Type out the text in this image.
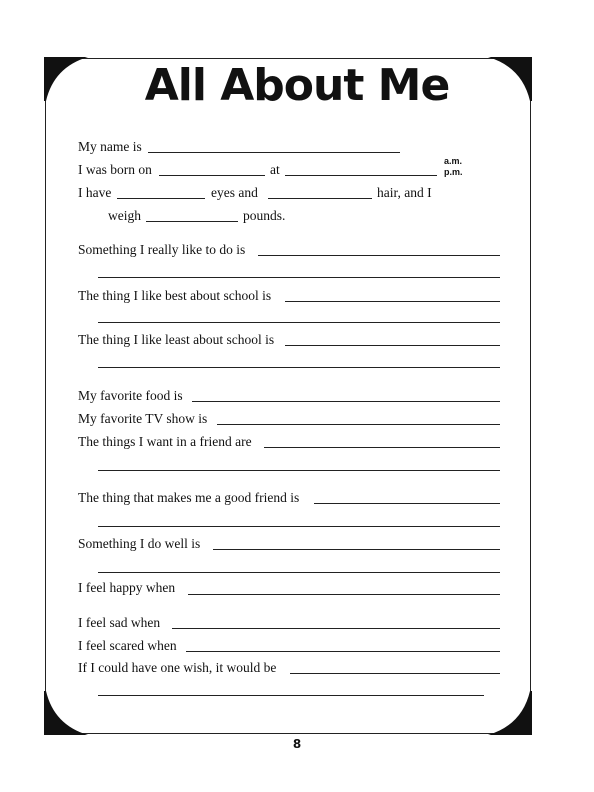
All About Me
My name is
I was born on	at
a.m.
p.m.
I have	eyes and	hair, and I
weigh	pounds.
Something I really like to do is
The thing I like best about school is
The thing I like least about school is
My favorite food is
My favorite TV show is
The things I want in a friend are
The thing that makes me a good friend is
Something I do well is
I feel happy when
I feel sad when
I feel scared when
If I could have one wish, it would be
8
